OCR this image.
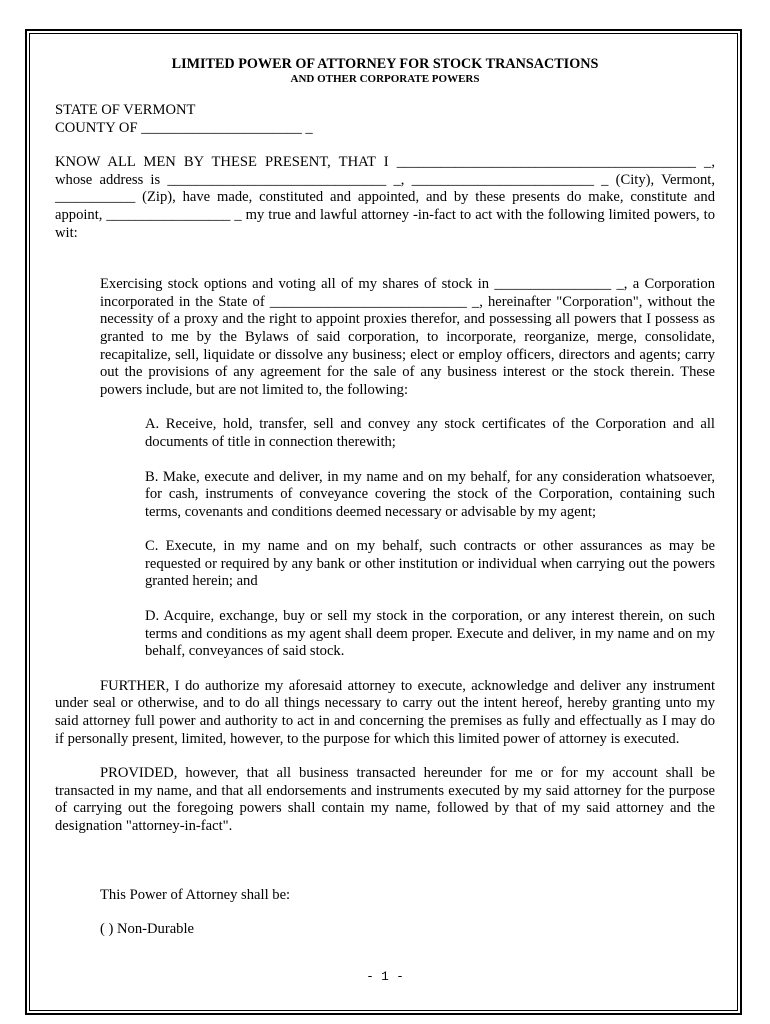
LIMITED POWER OF ATTORNEY FOR STOCK TRANSACTIONS

AND OTHER CORPORATE POWERS

STATE OF VERMONT

COUNTY OF ______________________ _

KNOW ALL MEN BY THESE PRESENT, THAT I _________________________________________ _, whose address is ______________________________ _, _________________________ _ (City), Vermont, ___________ (Zip), have made, constituted and appointed, and by these presents do make, constitute and appoint, _________________ _ my true and lawful attorney -in-fact to act with the following limited powers, to wit:

Exercising stock options and voting all of my shares of stock in ________________ _, a Corporation incorporated in the State of ___________________________ _, hereinafter "Corporation", without the necessity of a proxy and the right to appoint proxies therefor, and possessing all powers that I possess as granted to me by the Bylaws of said corporation, to incorporate, reorganize, merge, consolidate, recapitalize, sell, liquidate or dissolve any business; elect or employ officers, directors and agents; carry out the provisions of any agreement for the sale of any business interest or the stock therein. These powers include, but are not limited to, the following:

A. Receive, hold, transfer, sell and convey any stock certificates of the Corporation and all documents of title in connection therewith;

B. Make, execute and deliver, in my name and on my behalf, for any consideration whatsoever, for cash, instruments of conveyance covering the stock of the Corporation, containing such terms, covenants and conditions deemed necessary or advisable by my agent;

C. Execute, in my name and on my behalf, such contracts or other assurances as may be requested or required by any bank or other institution or individual when carrying out the powers granted herein; and

D. Acquire, exchange, buy or sell my stock in the corporation, or any interest therein, on such terms and conditions as my agent shall deem proper. Execute and deliver, in my name and on my behalf, conveyances of said stock.

FURTHER, I do authorize my aforesaid attorney to execute, acknowledge and deliver any instrument under seal or otherwise, and to do all things necessary to carry out the intent hereof, hereby granting unto my said attorney full power and authority to act in and concerning the premises as fully and effectually as I may do if personally present, limited, however, to the purpose for which this limited power of attorney is executed.

PROVIDED, however, that all business transacted hereunder for me or for my account shall be transacted in my name, and that all endorsements and instruments executed by my said attorney for the purpose of carrying out the foregoing powers shall contain my name, followed by that of my said attorney and the designation "attorney-in-fact".

This Power of Attorney shall be:

( ) Non-Durable

- 1 -
